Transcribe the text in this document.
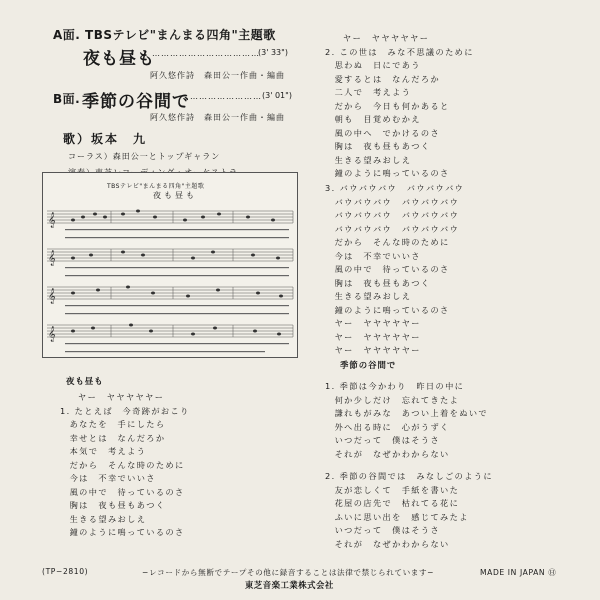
A面. TBSテレビ"まんまる四角"主題歌
夜も昼も
………………………………
(3' 33")
阿久悠作詩　森田公一作曲・編曲
B面. 季節の谷間で …………………… (3' 01")
阿久悠作詩　森田公一作曲・編曲
歌）坂本　九
コーラス）森田公一とトップギャラン
TBSテレビ"まんまる四角"主題歌
夜も昼も
𝄞
𝄞
𝄞
𝄞
夜も昼も
ヤー　ヤヤヤヤヤー
1. たとえば　今奇跡がおこり
　あなたを　手にしたら
　幸せとは　なんだろか
　本気で　考えよう
　だから　そんな時のために
　今は　不幸でいいさ
　風の中で　待っているのさ
　胸は　夜も昼もあつく
　生きる望みおしえ
　鐘のように鳴っているのさ
ヤー　ヤヤヤヤヤー
2. この世は　みな不思議のために
　思わぬ　日にであう
　愛するとは　なんだろか
　二人で　考えよう
　だから　今日も何かあると
　朝も　目覚めむかえ
　風の中へ　でかけるのさ
　胸は　夜も昼もあつく
　生きる望みおしえ
　鐘のように鳴っているのさ
3. バウバウバウ　バウバウバウ
　バウバウバウ　バウバウバウ
　バウバウバウ　バウバウバウ
　バウバウバウ　バウバウバウ
　だから　そんな時のために
　今は　不幸でいいさ
　風の中で　待っているのさ
　胸は　夜も昼もあつく
　生きる望みおしえ
　鐘のように鳴っているのさ
　ヤー　ヤヤヤヤヤー
　ヤー　ヤヤヤヤヤー
　ヤー　ヤヤヤヤヤー
季節の谷間で
1. 季節は今かわり　昨日の中に
　何か少しだけ　忘れてきたよ
　謙れもがみな　あつい上着をぬいで
　外へ出る時に　心がうずく
　いつだって　僕はそうさ
　それが　なぜかわからない
2. 季節の谷間では　みなしごのように
　友が恋しくて　手紙を書いた
　花屋の店先で　枯れてる花に
　ふいに思い出を　感じてみたよ
　いつだって　僕はそうさ
　それが　なぜかわからない
(TP−2810)	−レコードから無断でテープその他に録音することは法律で禁じられています−	MADE IN JAPAN Ⓗ
東芝音楽工業株式会社
